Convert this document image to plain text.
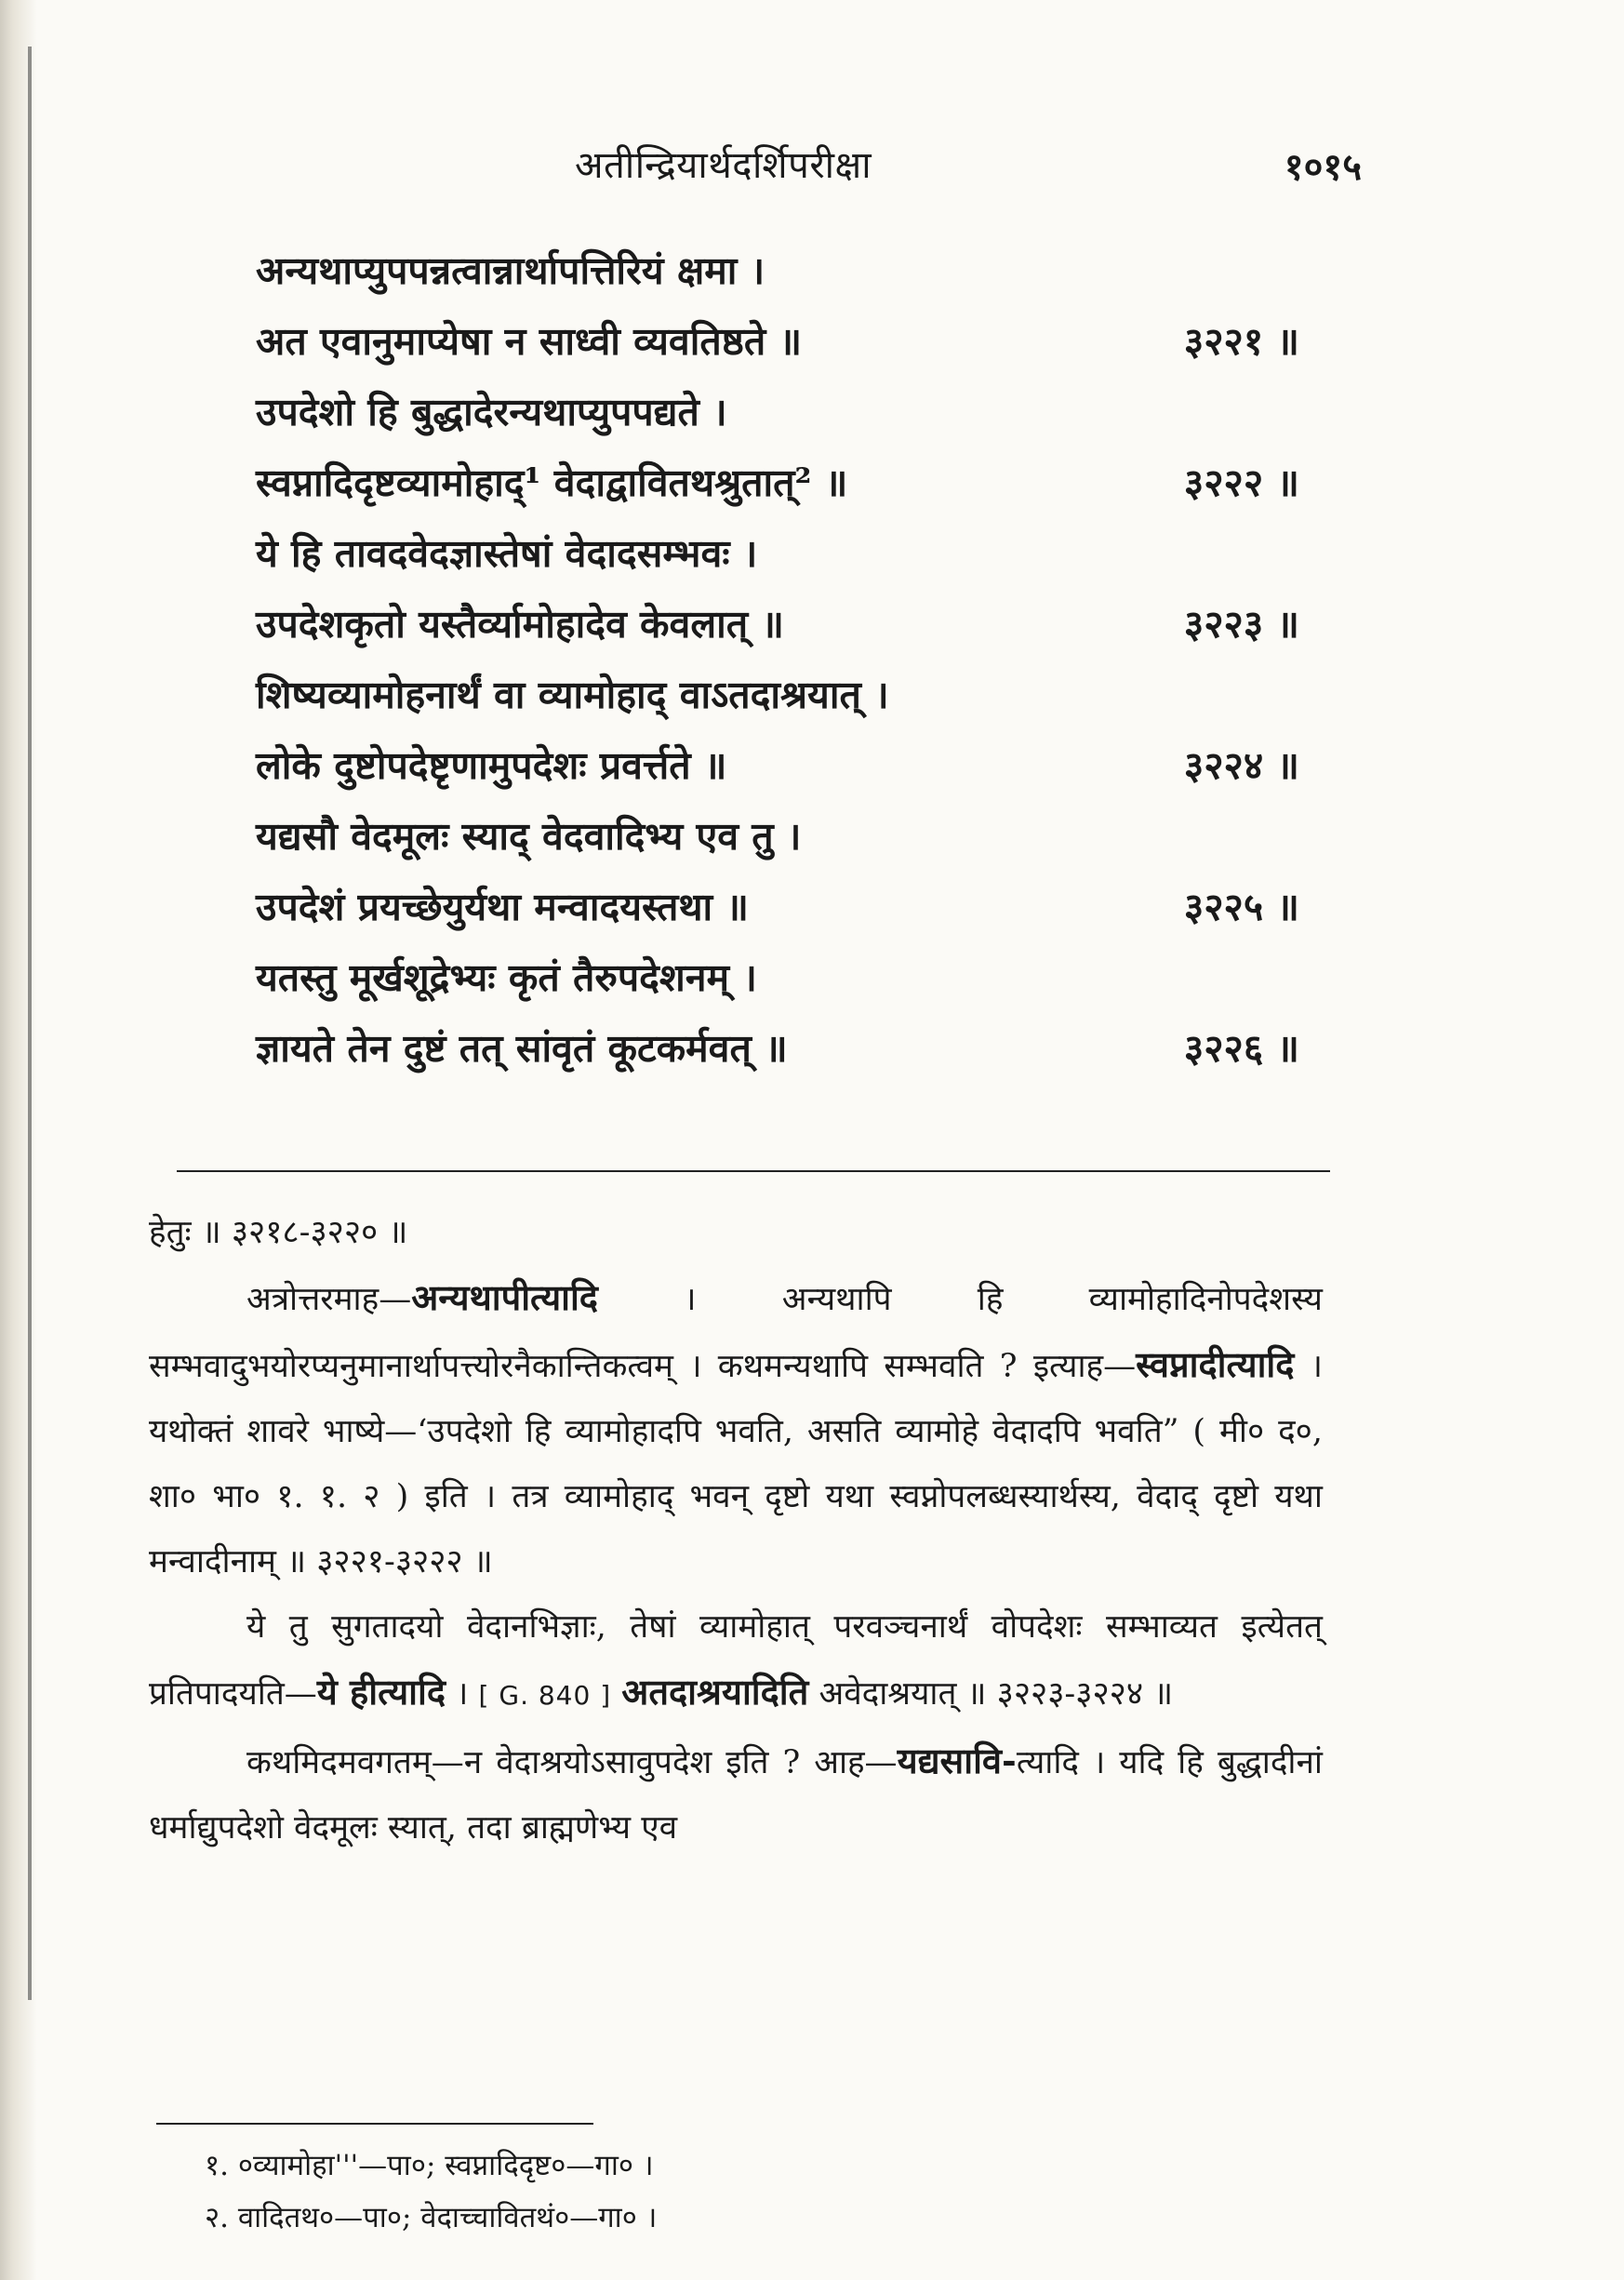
अतीन्द्रियार्थदर्शिपरीक्षा	१०१५
अन्यथाप्युपपन्नत्वान्नार्थापत्तिरियं क्षमा ।
अत एवानुमाप्येषा न साध्वी व्यवतिष्ठते ॥	३२२१ ॥
उपदेशो हि बुद्धादेरन्यथाप्युपपद्यते ।
स्वप्नादिदृष्टव्यामोहाद्¹ वेदाद्वावितथश्रुतात्² ॥	३२२२ ॥
ये हि तावदवेदज्ञास्तेषां वेदादसम्भवः ।
उपदेशकृतो यस्तैर्व्यामोहादेव केवलात् ॥	३२२३ ॥
शिष्यव्यामोहनार्थं वा व्यामोहाद् वाऽतदाश्रयात् ।
लोके दुष्टोपदेष्टृणामुपदेशः प्रवर्त्तते ॥	३२२४ ॥
यद्यसौ वेदमूलः स्याद् वेदवादिभ्य एव तु ।
उपदेशं प्रयच्छेयुर्यथा मन्वादयस्तथा ॥	३२२५ ॥
यतस्तु मूर्खशूद्रेभ्यः कृतं तैरुपदेशनम् ।
ज्ञायते तेन दुष्टं तत् सांवृतं कूटकर्मवत् ॥	३२२६ ॥

हेतुः ॥ ३२१८-३२२० ॥

अत्रोत्तरमाह—अन्यथापीत्यादि	। अन्यथापि हि व्यामोहादिनोपदेशस्य सम्भवादुभयोरप्यनुमानार्थापत्त्योरनैकान्तिकत्वम् । कथमन्यथापि सम्भवति ? इत्याह—स्वप्नादीत्यादि । यथोक्तं शावरे भाष्ये—‘उपदेशो हि व्यामोहादपि भवति, असति व्यामोहे वेदादपि भवति” ( मी० द०, शा० भा० १. १. २ ) इति । तत्र व्यामोहाद् भवन् दृष्टो यथा स्वप्नोपलब्धस्यार्थस्य, वेदाद् दृष्टो यथा मन्वादीनाम् ॥ ३२२१-३२२२ ॥

ये तु सुगतादयो वेदानभिज्ञाः, तेषां व्यामोहात् परवञ्चनार्थं वोपदेशः सम्भाव्यत इत्येतत् प्रतिपादयति—ये हीत्यादि । [ G. 840 ] अतदाश्रयादिति अवेदाश्रयात् ॥ ३२२३-३२२४ ॥

कथमिदमवगतम्—न वेदाश्रयोऽसावुपदेश इति ? आह—यद्यसावि-त्यादि । यदि हि बुद्धादीनां धर्माद्युपदेशो वेदमूलः स्यात्, तदा ब्राह्मणेभ्य एव

१. ०व्यामोहा'''—पा०; स्वप्नादिदृष्ट०—गा० ।
२. वादितथ०—पा०; वेदाच्चावितथं०—गा० ।
